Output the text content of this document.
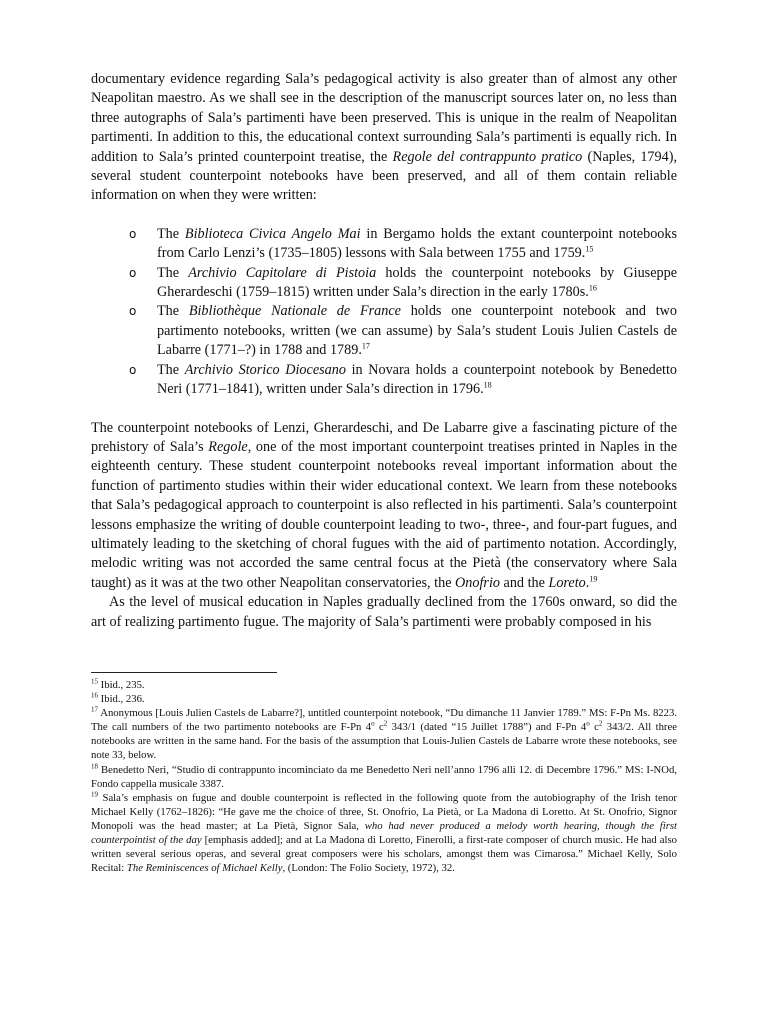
documentary evidence regarding Sala’s pedagogical activity is also greater than of almost any other Neapolitan maestro. As we shall see in the description of the manuscript sources later on, no less than three autographs of Sala’s partimenti have been preserved. This is unique in the realm of Neapolitan partimenti. In addition to this, the educational context surrounding Sala’s partimenti is equally rich. In addition to Sala’s printed counterpoint treatise, the Regole del contrappunto pratico (Naples, 1794), several student counterpoint notebooks have been preserved, and all of them contain reliable information on when they were written:

o The Biblioteca Civica Angelo Mai in Bergamo holds the extant counterpoint notebooks from Carlo Lenzi’s (1735–1805) lessons with Sala between 1755 and 1759.15
o The Archivio Capitolare di Pistoia holds the counterpoint notebooks by Giuseppe Gherardeschi (1759–1815) written under Sala’s direction in the early 1780s.$^{16}$
o The Bibliothèque Nationale de France holds one counterpoint notebook and two partimento notebooks, written (we can assume) by Sala’s student Louis Julien Castels de Labarre (1771–?) in 1788 and 1789.17
o The Archivio Storico Diocesano in Novara holds a counterpoint notebook by Benedetto Neri (1771–1841), written under Sala’s direction in 1796.18

The counterpoint notebooks of Lenzi, Gherardeschi, and De Labarre give a fascinating picture of the prehistory of Sala’s Regole, one of the most important counterpoint treatises printed in Naples in the eighteenth century. These student counterpoint notebooks reveal important information about the function of partimento studies within their wider educational context. We learn from these notebooks that Sala’s pedagogical approach to counterpoint is also reflected in his partimenti. Sala’s counterpoint lessons emphasize the writing of double counterpoint leading to two-, three-, and four-part fugues, and ultimately leading to the sketching of choral fugues with the aid of partimento notation. Accordingly, melodic writing was not accorded the same central focus at the Pietà (the conservatory where Sala taught) as it was at the two other Neapolitan conservatories, the Onofrio and the Loreto.$^{19}$

As the level of musical education in Naples gradually declined from the 1760s onward, so did the art of realizing partimento fugue. The majority of Sala’s partimenti were probably composed in his

$^{15}$ Ibid., 235.

$^{16}$ Ibid., 236.

$^{17}$ Anonymous [Louis Julien Castels de Labarre?], untitled counterpoint notebook, “Du dimanche 11 Janvier 1789.” MS: F-Pn Ms. 8223. The call numbers of the two partimento notebooks are F-Pn 4$^o$ $c^2$ 343/1 (dated “15 Juillet 1788”) and F-Pn 4$^o$ $c^2$ 343/2. All three notebooks are written in the same hand. For the basis of the assumption that Louis-Julien Castels de Labarre wrote these notebooks, see note 33, below.

$^{18}$ Benedetto Neri, “Studio di contrappunto incominciato da me Benedetto Neri nell’anno 1796 alli 12. di Decembre 1796.” MS: I-NOd, Fondo cappella musicale 3387.

$^{19}$ Sala’s emphasis on fugue and double counterpoint is reflected in the following quote from the autobiography of the Irish tenor Michael Kelly (1762–1826): “He gave me the choice of three, St. Onofrio, La Pietà, or La Madona di Loretto. At St. Onofrio, Signor Monopoli was the head master; at La Pietà, Signor Sala, who had never produced a melody worth hearing, though the first counterpointist of the day [emphasis added]; and at La Madona di Loretto, Finerolli, a first-rate composer of church music. He had also written several serious operas, and several great composers were his scholars, amongst them was Cimarosa.” Michael Kelly, Solo Recital: The Reminiscences of Michael Kelly, (London: The Folio Society, 1972), 32.
